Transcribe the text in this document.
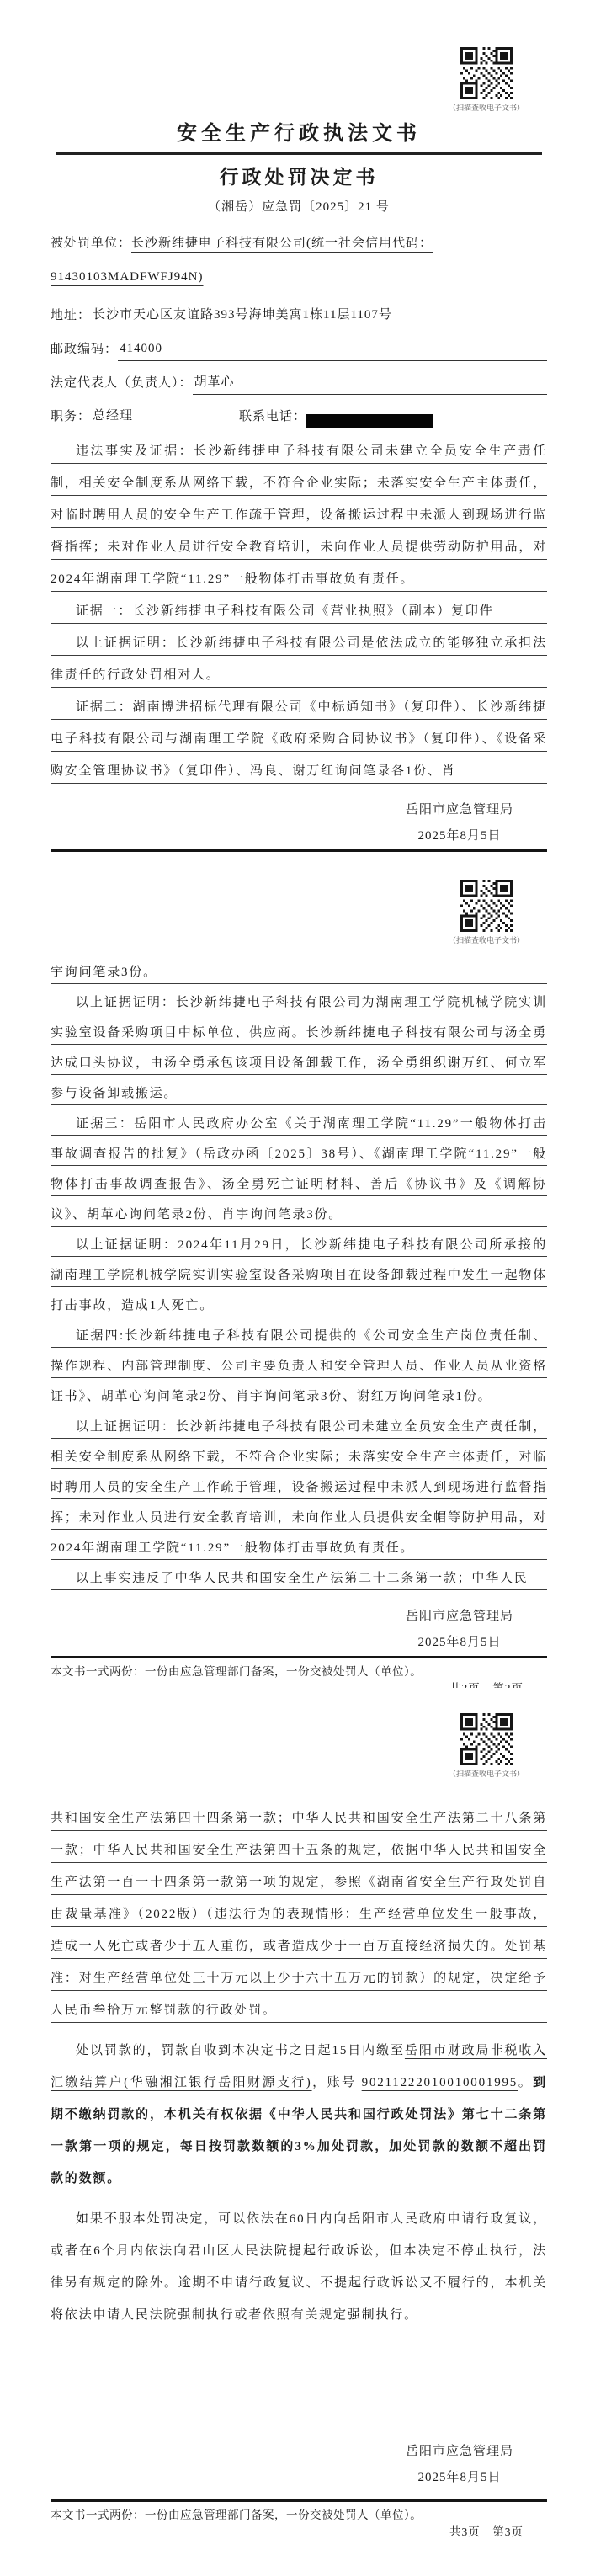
（扫描查收电子文书）
安全生产行政执法文书
行政处罚决定书
（湘岳）应急罚〔2025〕21 号
被处罚单位：长沙新纬捷电子科技有限公司(统一社会信用代码：91430103MADFWFJ94N)
地址： 长沙市天心区友谊路393号海坤美寓1栋11层1107号
邮政编码： 414000
法定代表人（负责人）： 胡革心
职务： 总经理	联系电话：

违法事实及证据：长沙新纬捷电子科技有限公司未建立全员安全生产责任制，相关安全制度系从网络下载，不符合企业实际；未落实安全生产主体责任，对临时聘用人员的安全生产工作疏于管理，设备搬运过程中未派人到现场进行监督指挥；未对作业人员进行安全教育培训，未向作业人员提供劳动防护用品，对2024年湖南理工学院“11.29”一般物体打击事故负有责任。

证据一：长沙新纬捷电子科技有限公司《营业执照》（副本）复印件

以上证据证明：长沙新纬捷电子科技有限公司是依法成立的能够独立承担法律责任的行政处罚相对人。

证据二：湖南博进招标代理有限公司《中标通知书》（复印件）、长沙新纬捷电子科技有限公司与湖南理工学院《政府采购合同协议书》（复印件）、《设备采购安全管理协议书》（复印件）、冯良、谢万红询问笔录各1份、肖

岳阳市应急管理局
2025年8月5日
（扫描查收电子文书）

宇询问笔录3份。

以上证据证明：长沙新纬捷电子科技有限公司为湖南理工学院机械学院实训实验室设备采购项目中标单位、供应商。长沙新纬捷电子科技有限公司与汤全勇达成口头协议，由汤全勇承包该项目设备卸载工作，汤全勇组织谢万红、何立军参与设备卸载搬运。

证据三：岳阳市人民政府办公室《关于湖南理工学院“11.29”一般物体打击事故调查报告的批复》（岳政办函〔2025〕38号）、《湖南理工学院“11.29”一般物体打击事故调查报告》、汤全勇死亡证明材料、善后《协议书》及《调解协议》、胡革心询问笔录2份、肖宇询问笔录3份。

以上证据证明：2024年11月29日，长沙新纬捷电子科技有限公司所承接的湖南理工学院机械学院实训实验室设备采购项目在设备卸载过程中发生一起物体打击事故，造成1人死亡。

证据四:长沙新纬捷电子科技有限公司提供的《公司安全生产岗位责任制、操作规程、内部管理制度、公司主要负责人和安全管理人员、作业人员从业资格证书》、胡革心询问笔录2份、肖宇询问笔录3份、谢红万询问笔录1份。

以上证据证明：长沙新纬捷电子科技有限公司未建立全员安全生产责任制，相关安全制度系从网络下载，不符合企业实际；未落实安全生产主体责任，对临时聘用人员的安全生产工作疏于管理，设备搬运过程中未派人到现场进行监督指挥；未对作业人员进行安全教育培训，未向作业人员提供安全帽等防护用品，对2024年湖南理工学院“11.29”一般物体打击事故负有责任。

以上事实违反了中华人民共和国安全生产法第二十二条第一款；中华人民

岳阳市应急管理局
2025年8月5日
本文书一式两份：一份由应急管理部门备案，一份交被处罚人（单位）。
（扫描查收电子文书）

共和国安全生产法第四十四条第一款；中华人民共和国安全生产法第二十八条第一款；中华人民共和国安全生产法第四十五条的规定，依据中华人民共和国安全生产法第一百一十四条第一款第一项的规定，参照《湖南省安全生产行政处罚自由裁量基准》（2022版）（违法行为的表现情形：生产经营单位发生一般事故，造成一人死亡或者少于五人重伤，或者造成少于一百万直接经济损失的。处罚基准：对生产经营单位处三十万元以上少于六十五万元的罚款）的规定，决定给予人民币叁拾万元整罚款的行政处罚。

处以罚款的，罚款自收到本决定书之日起15日内缴至岳阳市财政局非税收入汇缴结算户(华融湘江银行岳阳财源支行)，账号 90211222010010001995。到期不缴纳罚款的，本机关有权依据《中华人民共和国行政处罚法》第七十二条第一款第一项的规定，每日按罚款数额的3%加处罚款，加处罚款的数额不超出罚款的数额。

如果不服本处罚决定，可以依法在60日内向岳阳市人民政府申请行政复议，或者在6个月内依法向君山区人民法院提起行政诉讼，但本决定不停止执行，法律另有规定的除外。逾期不申请行政复议、不提起行政诉讼又不履行的，本机关将依法申请人民法院强制执行或者依照有关规定强制执行。

岳阳市应急管理局
2025年8月5日
本文书一式两份：一份由应急管理部门备案，一份交被处罚人（单位）。
共3页　第3页
